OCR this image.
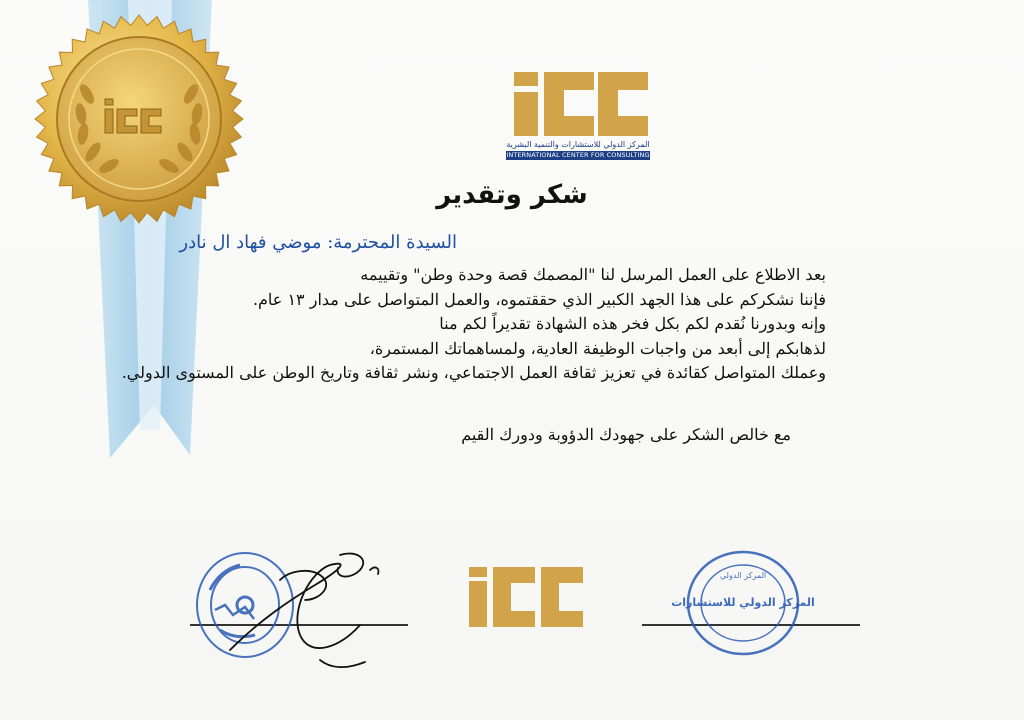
المركز الدولي للاستشارات والتنمية البشرية
INTERNATIONAL CENTER FOR CONSULTING
شكر وتقدير
السيدة المحترمة: موضي فهاد ال نادر
بعد الاطلاع على العمل المرسل لنا "المصمك قصة وحدة وطن" وتقييمه
فإننا نشكركم على هذا الجهد الكبير الذي حققتموه، والعمل المتواصل على مدار ١٣ عام.
وإنه وبدورنا نُقدم لكم بكل فخر هذه الشهادة تقديراً لكم منا
لذهابكم إلى أبعد من واجبات الوظيفة العادية، ولمساهماتك المستمرة،
وعملك المتواصل كقائدة في تعزيز ثقافة العمل الاجتماعي، ونشر ثقافة وتاريخ الوطن على المستوى الدولي.
مع خالص الشكر على جهودك الدؤوبة ودورك القيم
المركز الدولي للاستشارات
المركز الدولي
